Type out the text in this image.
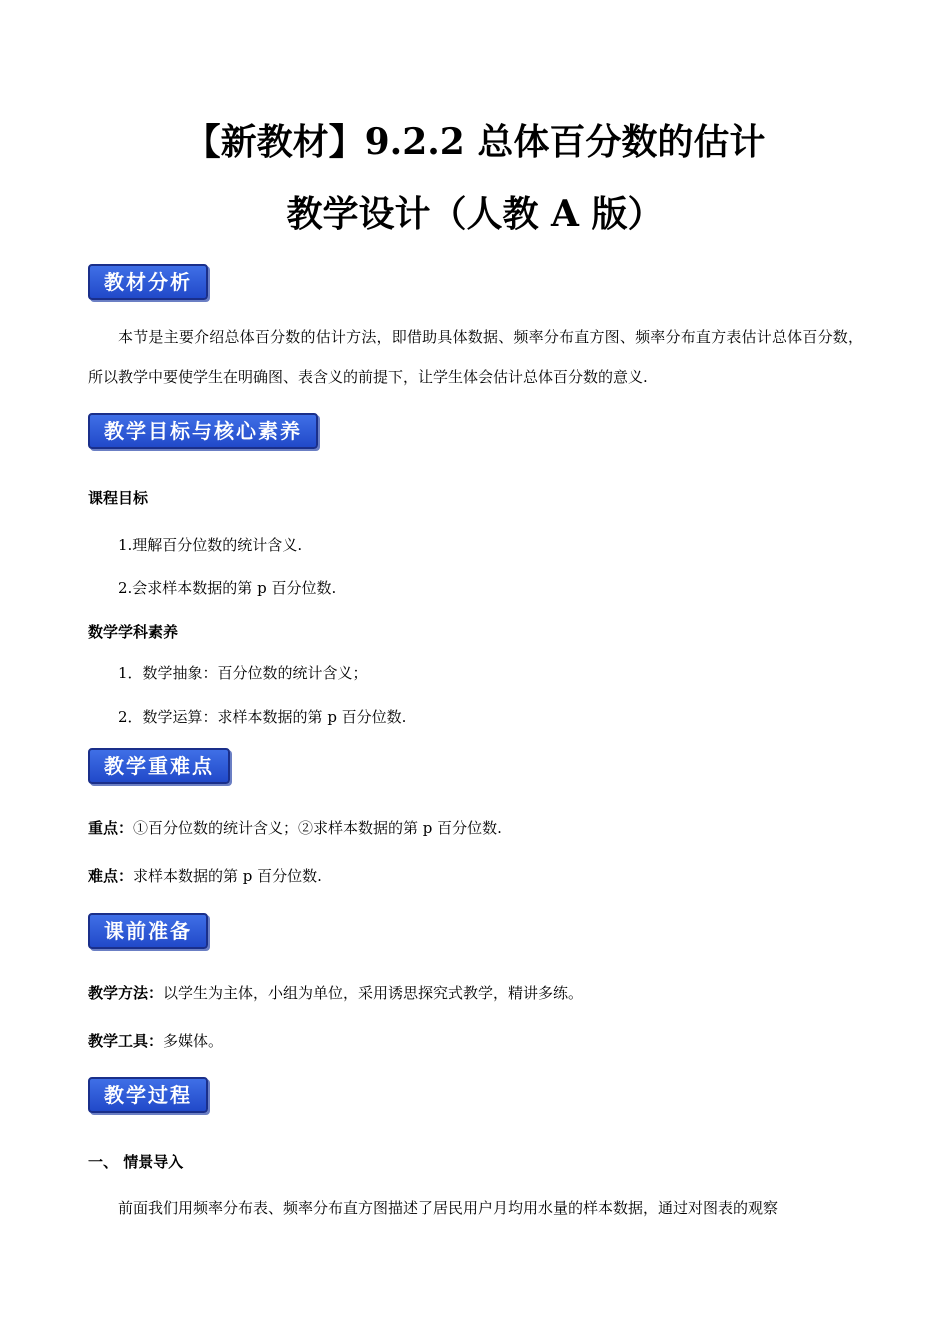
【新教材】9.2.2 总体百分数的估计
教学设计（人教 A 版）
教材分析

本节是主要介绍总体百分数的估计方法，即借助具体数据、频率分布直方图、频率分布直方表估计总体百分数，所以教学中要使学生在明确图、表含义的前提下，让学生体会估计总体百分数的意义.

教学目标与核心素养

课程目标

1.理解百分位数的统计含义.

2.会求样本数据的第 p 百分位数.

数学学科素养

1．数学抽象：百分位数的统计含义；

2．数学运算：求样本数据的第 p 百分位数.

教学重难点

重点：①百分位数的统计含义；②求样本数据的第 p 百分位数.

难点：求样本数据的第 p 百分位数.

课前准备

教学方法：以学生为主体，小组为单位，采用诱思探究式教学，精讲多练。

教学工具：多媒体。

教学过程

一、 情景导入

前面我们用频率分布表、频率分布直方图描述了居民用户月均用水量的样本数据，通过对图表的观察
